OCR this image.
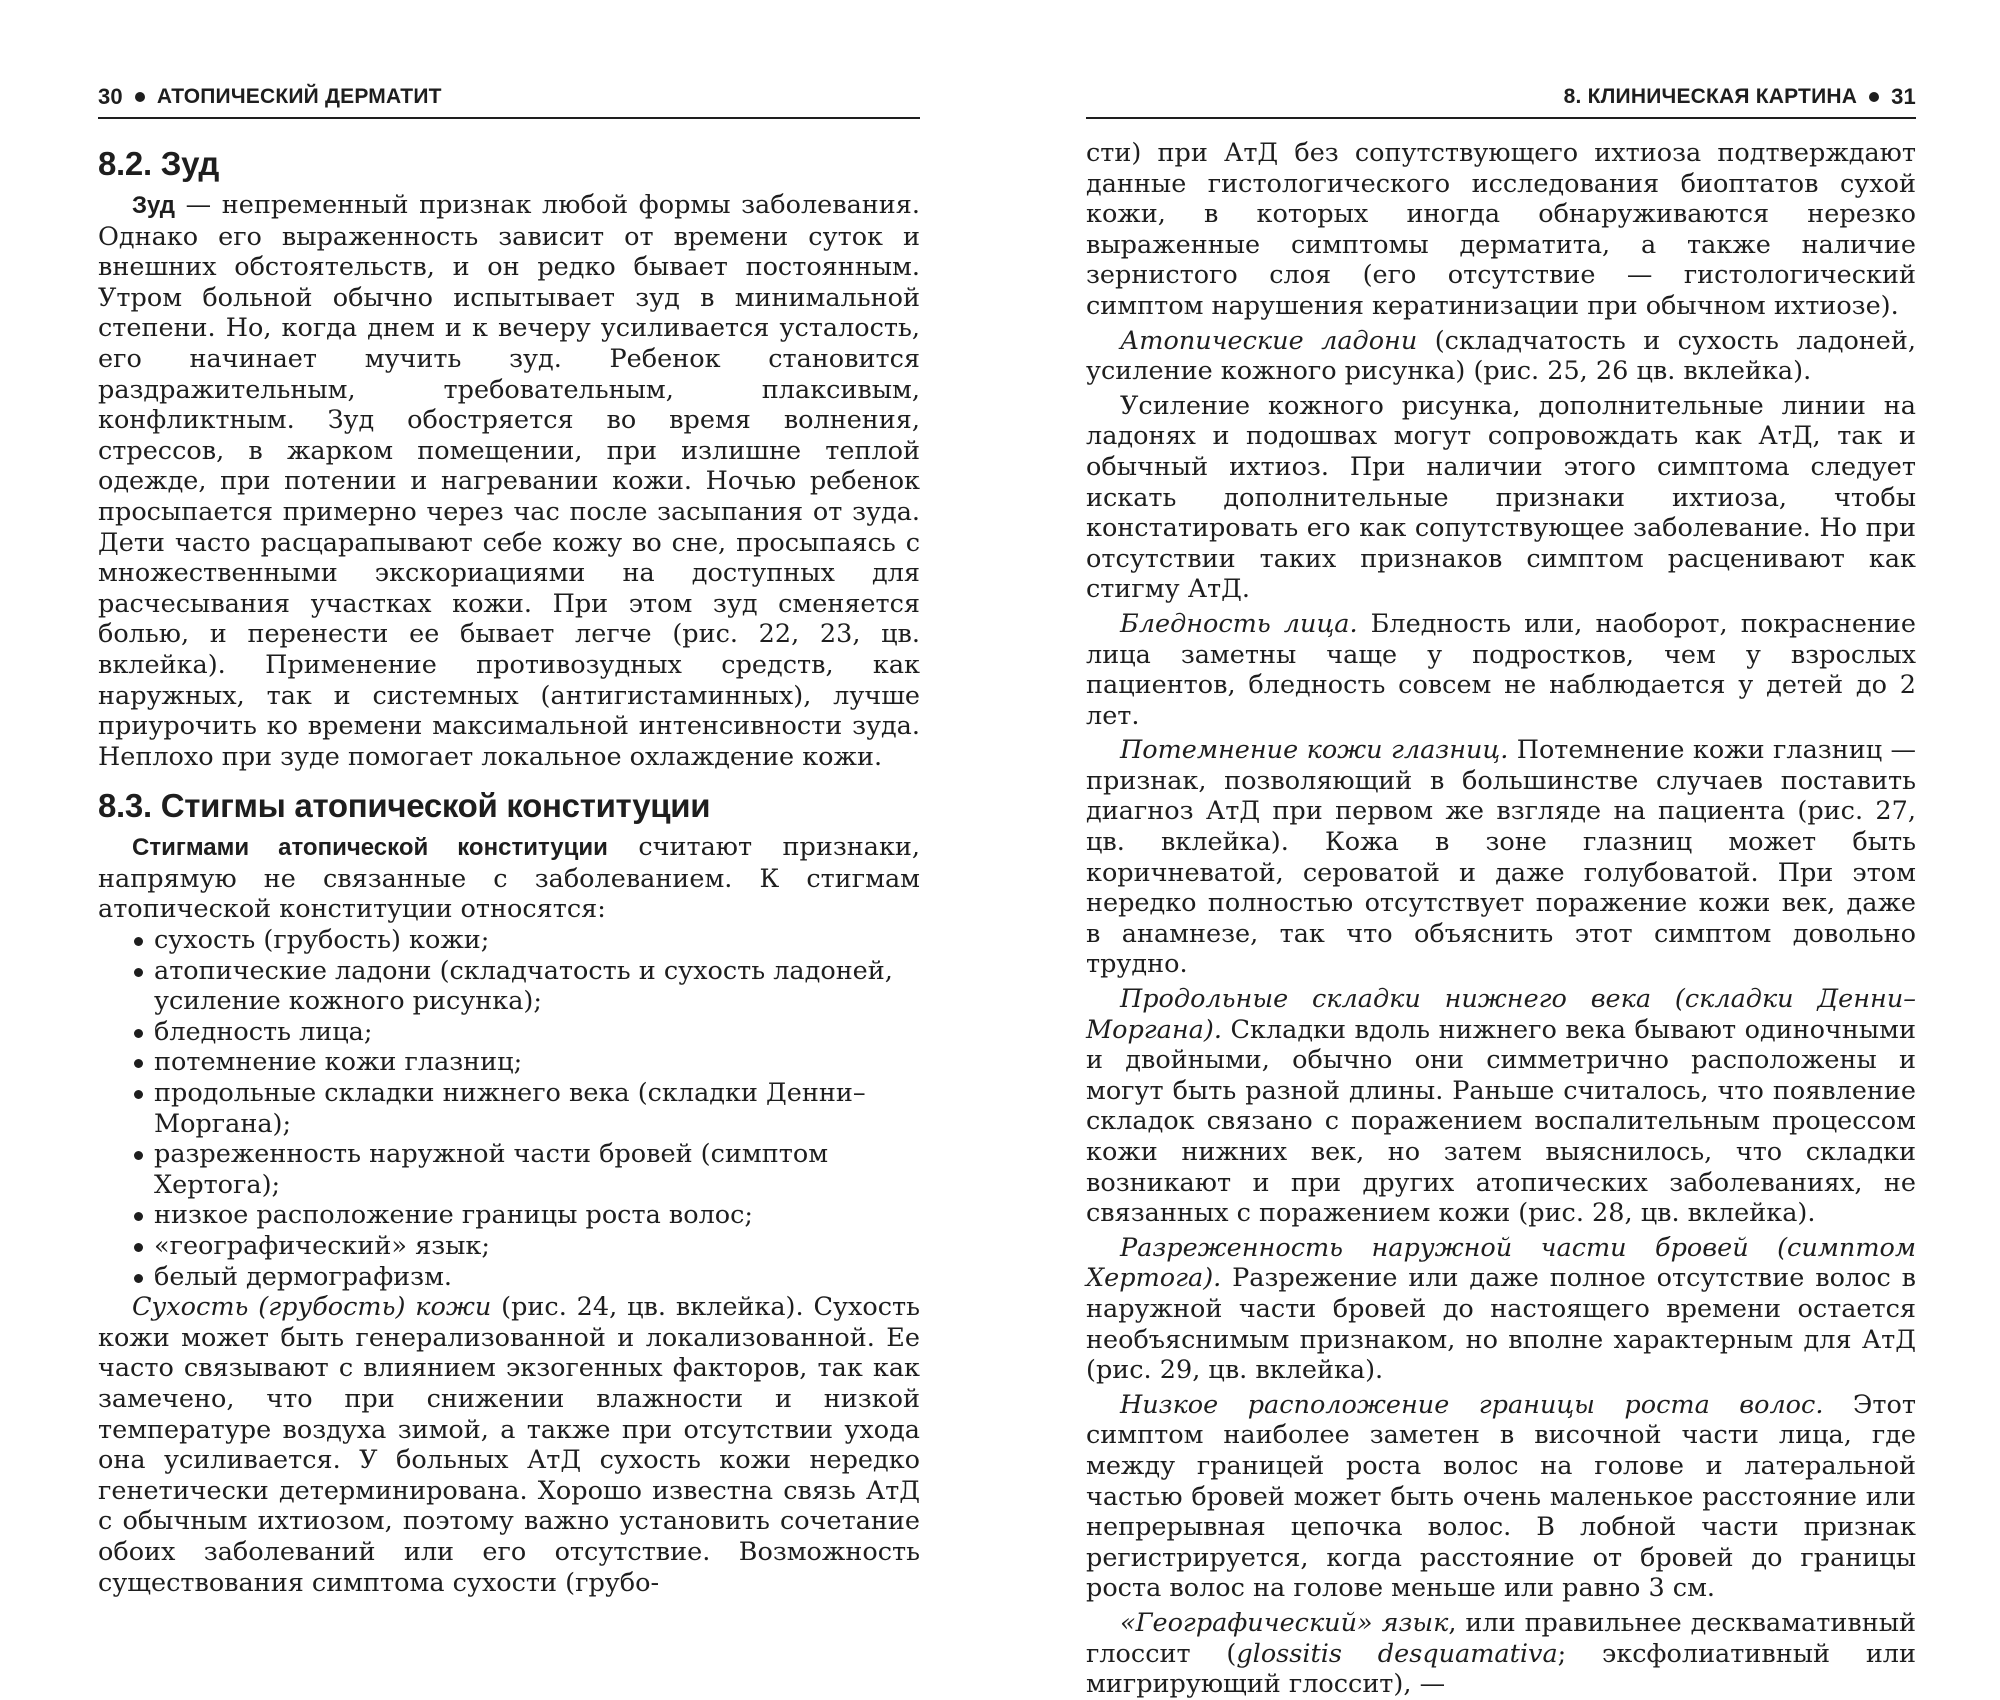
30 АТОПИЧЕСКИЙ ДЕРМАТИТ
8.2. Зуд

Зуд — непременный признак любой формы заболевания. Однако его выраженность зависит от времени суток и внешних обстоятельств, и он редко бывает постоянным. Утром больной обычно испытывает зуд в минимальной степени. Но, когда днем и к вечеру усиливается усталость, его начинает мучить зуд. Ребенок становится раздражительным, требовательным, плаксивым, конфликтным. Зуд обостряется во время волнения, стрессов, в жарком помещении, при излишне теплой одежде, при потении и нагревании кожи. Ночью ребенок просыпается примерно через час после засыпания от зуда. Дети часто расцарапывают себе кожу во сне, просыпаясь с множественными экскориациями на доступных для расчесывания участках кожи. При этом зуд сменяется болью, и перенести ее бывает легче (рис. 22, 23, цв. вклейка). Применение противозудных средств, как наружных, так и системных (антигистаминных), лучше приурочить ко времени максимальной интенсивности зуда. Неплохо при зуде помогает локальное охлаждение кожи.

8.3. Стигмы атопической конституции

Стигмами атопической конституции считают признаки, напрямую не связанные с заболеванием. К стигмам атопической конституции относятся:

сухость (грубость) кожи;
атопические ладони (складчатость и сухость ладоней, усиление кожного рисунка);
бледность лица;
потемнение кожи глазниц;
продольные складки нижнего века (складки Денни–Моргана);
разреженность наружной части бровей (симптом Хертога);
низкое расположение границы роста волос;
«географический» язык;
белый дермографизм.

Сухость (грубость) кожи (рис. 24, цв. вклейка). Сухость кожи может быть генерализованной и локализованной. Ее часто связывают с влиянием экзогенных факторов, так как замечено, что при снижении влажности и низкой температуре воздуха зимой, а также при отсутствии ухода она усиливается. У больных АтД сухость кожи нередко генетически детерминирована. Хорошо известна связь АтД с обычным ихтиозом, поэтому важно установить сочетание обоих заболеваний или его отсутствие. Возможность существования симптома сухости (грубо-

8. КЛИНИЧЕСКАЯ КАРТИНА 31

сти) при АтД без сопутствующего ихтиоза подтверждают данные гистологического исследования биоптатов сухой кожи, в которых иногда обнаруживаются нерезко выраженные симптомы дерматита, а также наличие зернистого слоя (его отсутствие — гистологический симптом нарушения кератинизации при обычном ихтиозе).

Атопические ладони (складчатость и сухость ладоней, усиление кожного рисунка) (рис. 25, 26 цв. вклейка).

Усиление кожного рисунка, дополнительные линии на ладонях и подошвах могут сопровождать как АтД, так и обычный ихтиоз. При наличии этого симптома следует искать дополнительные признаки ихтиоза, чтобы констатировать его как сопутствующее заболевание. Но при отсутствии таких признаков симптом расценивают как стигму АтД.

Бледность лица. Бледность или, наоборот, покраснение лица заметны чаще у подростков, чем у взрослых пациентов, бледность совсем не наблюдается у детей до 2 лет.

Потемнение кожи глазниц. Потемнение кожи глазниц — признак, позволяющий в большинстве случаев поставить диагноз АтД при первом же взгляде на пациента (рис. 27, цв. вклейка). Кожа в зоне глазниц может быть коричневатой, сероватой и даже голубоватой. При этом нередко полностью отсутствует поражение кожи век, даже в анамнезе, так что объяснить этот симптом довольно трудно.

Продольные складки нижнего века (складки Денни–Моргана). Складки вдоль нижнего века бывают одиночными и двойными, обычно они симметрично расположены и могут быть разной длины. Раньше считалось, что появление складок связано с поражением воспалительным процессом кожи нижних век, но затем выяснилось, что складки возникают и при других атопических заболеваниях, не связанных с поражением кожи (рис. 28, цв. вклейка).

Разреженность наружной части бровей (симптом Хертога). Разрежение или даже полное отсутствие волос в наружной части бровей до настоящего времени остается необъяснимым признаком, но вполне характерным для АтД (рис. 29, цв. вклейка).

Низкое расположение границы роста волос. Этот симптом наиболее заметен в височной части лица, где между границей роста волос на голове и латеральной частью бровей может быть очень маленькое расстояние или непрерывная цепочка волос. В лобной части признак регистрируется, когда расстояние от бровей до границы роста волос на голове меньше или равно 3 см.

«Географический» язык, или правильнее десквамативный глоссит (glossitis desquamativa; эксфолиативный или мигрирующий глоссит), —
